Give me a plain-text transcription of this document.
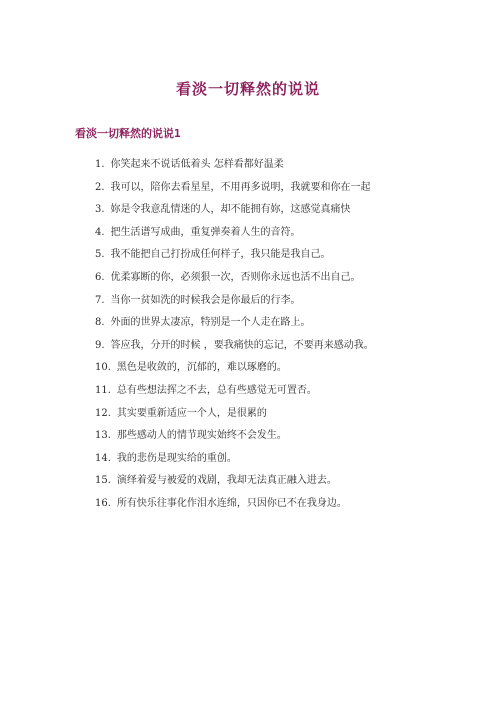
看淡一切释然的说说
看淡一切释然的说说1
1. 你笑起来不说话低着头 怎样看都好温柔
2. 我可以，陪你去看星星，不用再多说明，我就要和你在一起
3. 妳是令我意乱情迷的人，却不能拥有妳，这感觉真痛快
4. 把生活谱写成曲，重复弹奏着人生的音符。
5. 我不能把自己打扮成任何样子，我只能是我自己。
6. 优柔寡断的你，必须狠一次，否则你永远也活不出自己。
7. 当你一贫如洗的时候我会是你最后的行李。
8. 外面的世界太凄凉，特别是一个人走在路上。
9. 答应我，分开的时候 ，要我痛快的忘记，不要再来感动我。
10. 黑色是收敛的，沉郁的，难以琢磨的。
11. 总有些想法挥之不去，总有些感觉无可置否。
12. 其实要重新适应一个人，是很累的
13. 那些感动人的情节现实始终不会发生。
14. 我的悲伤是现实给的重创。
15. 演绎着爱与被爱的戏剧，我却无法真正融入进去。
16. 所有快乐往事化作泪水连绵，只因你已不在我身边。
